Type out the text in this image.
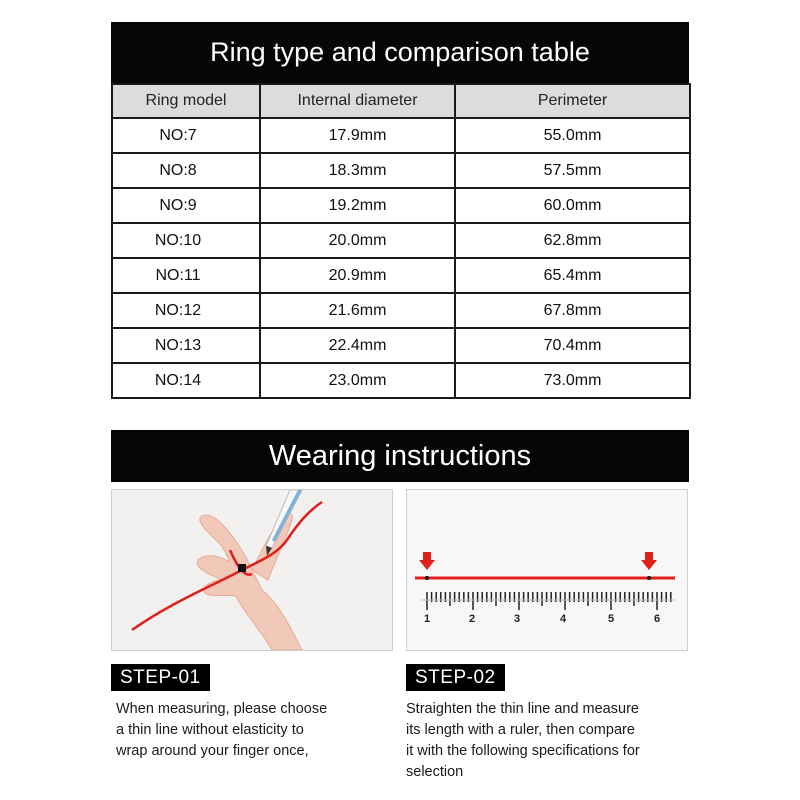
Ring type and comparison table
Ring model	Internal diameter	Perimeter
NO:7	17.9mm	55.0mm
NO:8	18.3mm	57.5mm
NO:9	19.2mm	60.0mm
NO:10	20.0mm	62.8mm
NO:11	20.9mm	65.4mm
NO:12	21.6mm	67.8mm
NO:13	22.4mm	70.4mm
NO:14	23.0mm	73.0mm
Wearing instructions
1	2	3	4	5	6
STEP-01	STEP-02
When measuring, please choose
a thin line without elasticity to
wrap around your finger once,
Straighten the thin line and measure
its length with a ruler, then compare
it with the following specifications for
selection
